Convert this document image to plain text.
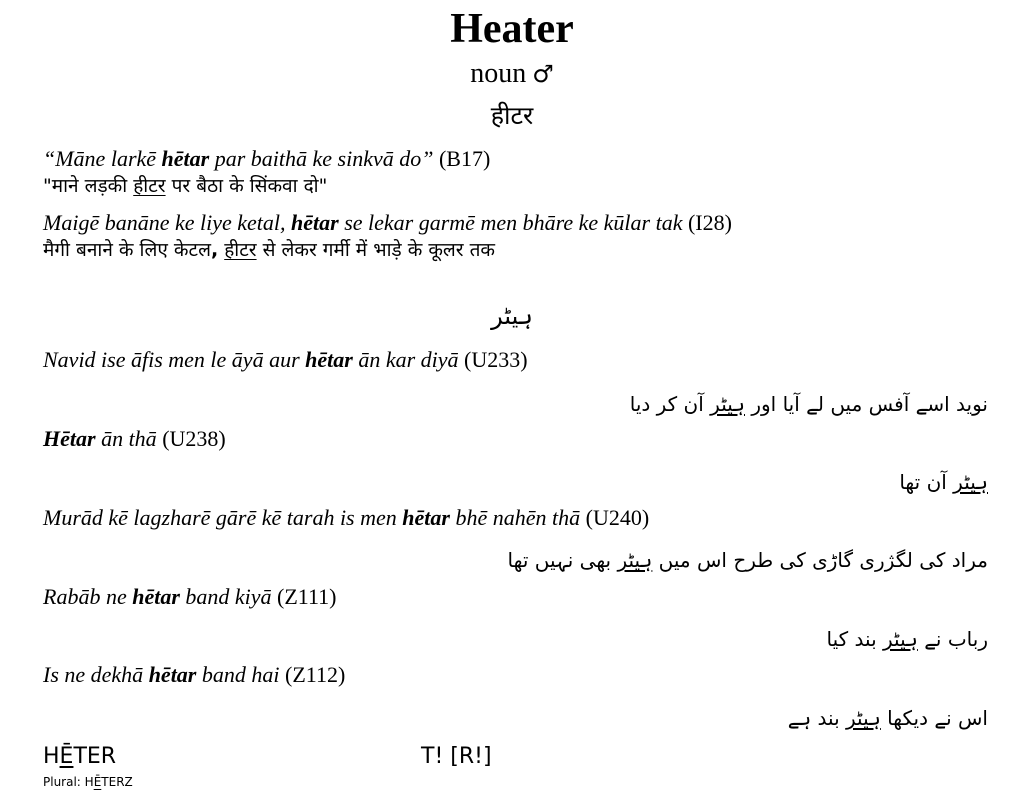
Heater
noun ♂
हीटर
“Māne larkē hētar par baithā ke sinkvā do” (B17)
"माने लड़की हीटर पर बैठा के सिंकवा दो"
Maigē banāne ke liye ketal, hētar se lekar garmē men bhāre ke kūlar tak (I28)
मैगी बनाने के लिए केटल, हीटर से लेकर गर्मी में भाड़े के कूलर तक
ہیٹر
Navid ise āfis men le āyā aur hētar ān kar diyā (U233)
نوید اسے آفس میں لے آیا اور ہیٹر آن کر دیا
Hētar ān thā (U238)
ہیٹر آن تھا
Murād kē lagzharē gārē kē tarah is men hētar bhē nahēn thā (U240)
مراد کی لگژری گاڑی کی طرح اس میں ہیٹر بھی نہیں تھا
Rabāb ne hētar band kiyā (Z111)
رباب نے ہیٹر بند کیا
Is ne dekhā hētar band hai (Z112)
اس نے دیکھا ہیٹر بند ہے
HĒTER	T! [R!]
Plural: HĒTERZ
